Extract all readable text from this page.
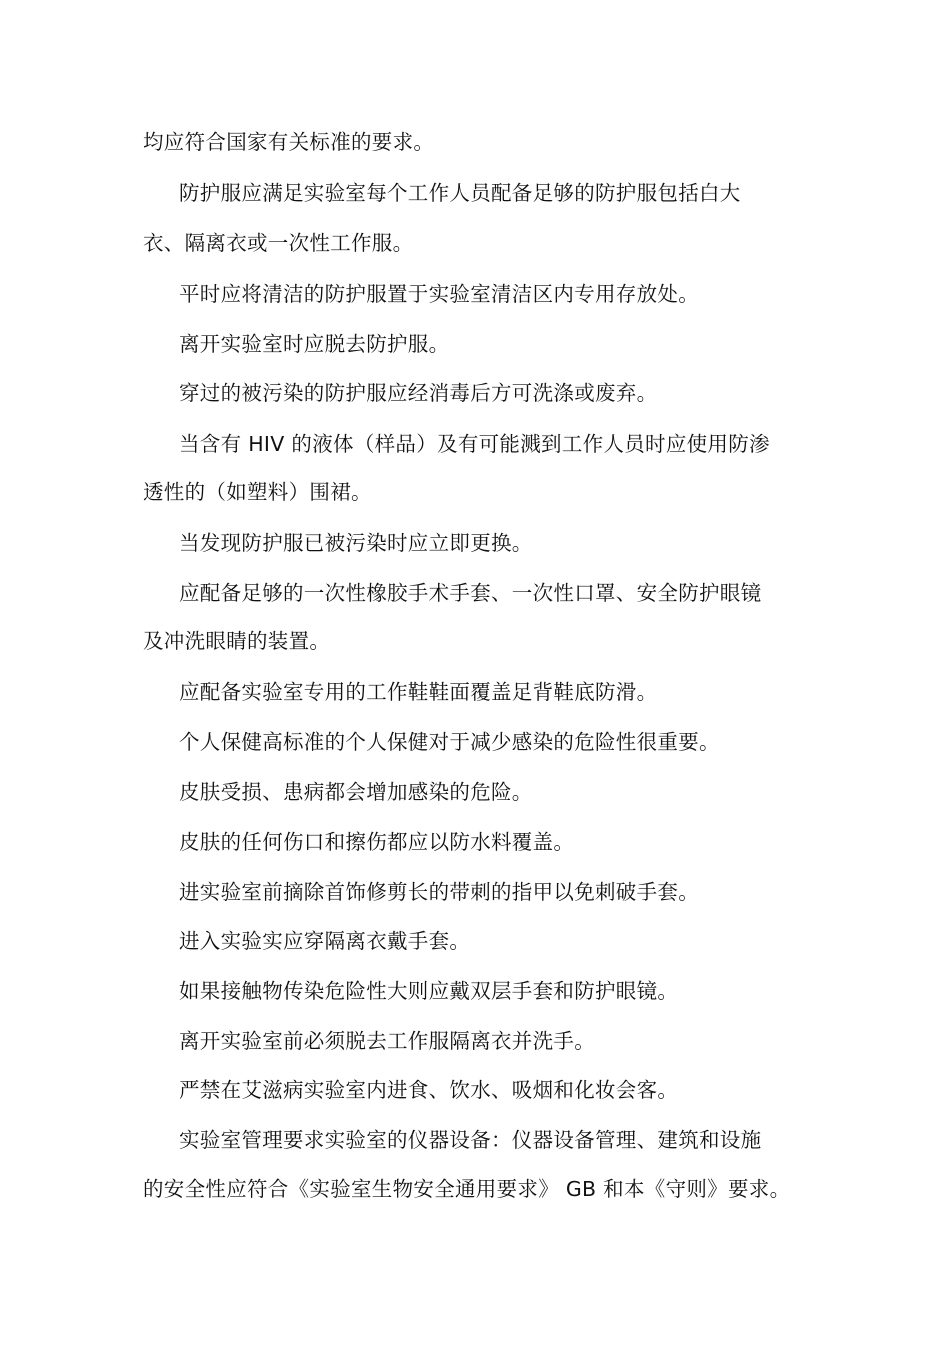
均应符合国家有关标准的要求。
防护服应满足实验室每个工作人员配备足够的防护服包括白大
衣、隔离衣或一次性工作服。
平时应将清洁的防护服置于实验室清洁区内专用存放处。
离开实验室时应脱去防护服。
穿过的被污染的防护服应经消毒后方可洗涤或废弃。
当含有 HIV 的液体（样品）及有可能溅到工作人员时应使用防渗
透性的（如塑料）围裙。
当发现防护服已被污染时应立即更换。
应配备足够的一次性橡胶手术手套、一次性口罩、安全防护眼镜
及冲洗眼睛的装置。
应配备实验室专用的工作鞋鞋面覆盖足背鞋底防滑。
个人保健高标准的个人保健对于减少感染的危险性很重要。
皮肤受损、患病都会增加感染的危险。
皮肤的任何伤口和擦伤都应以防水料覆盖。
进实验室前摘除首饰修剪长的带刺的指甲以免刺破手套。
进入实验实应穿隔离衣戴手套。
如果接触物传染危险性大则应戴双层手套和防护眼镜。
离开实验室前必须脱去工作服隔离衣并洗手。
严禁在艾滋病实验室内进食、饮水、吸烟和化妆会客。
实验室管理要求实验室的仪器设备：仪器设备管理、建筑和设施
的安全性应符合《实验室生物安全通用要求》 GB 和本《守则》要求。
